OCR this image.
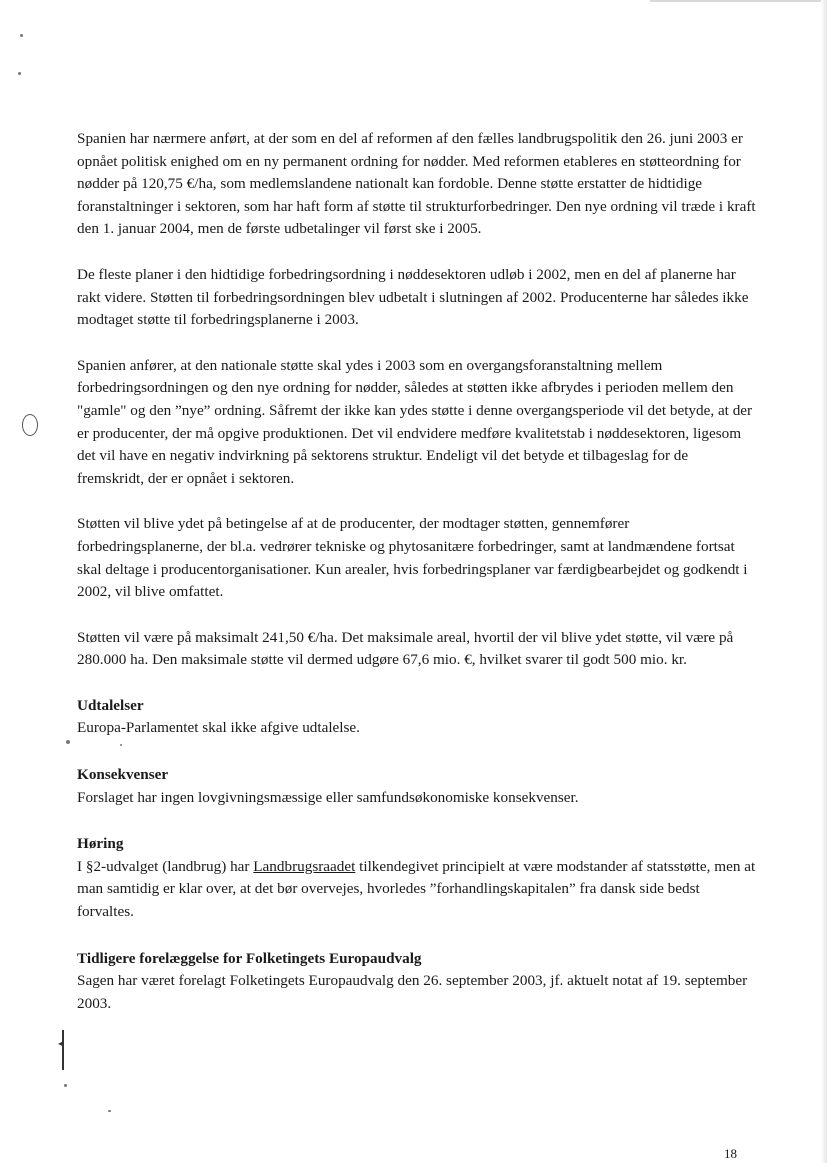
◂

Spanien har nærmere anført, at der som en del af reformen af den fælles landbrugspolitik den 26. juni 2003 er opnået politisk enighed om en ny permanent ordning for nødder. Med reformen etableres en støtteordning for nødder på 120,75 €/ha, som medlemslandene nationalt kan fordoble. Denne støtte erstatter de hidtidige foranstaltninger i sektoren, som har haft form af støtte til strukturforbedringer. Den nye ordning vil træde i kraft den 1. januar 2004, men de første udbetalinger vil først ske i 2005.

De fleste planer i den hidtidige forbedringsordning i nøddesektoren udløb i 2002, men en del af planerne har rakt videre. Støtten til forbedringsordningen blev udbetalt i slutningen af 2002. Producenterne har således ikke modtaget støtte til forbedringsplanerne i 2003.

Spanien anfører, at den nationale støtte skal ydes i 2003 som en overgangsforanstaltning mellem forbedringsordningen og den nye ordning for nødder, således at støtten ikke afbrydes i perioden mellem den "gamle" og den ”nye” ordning. Såfremt der ikke kan ydes støtte i denne overgangsperiode vil det betyde, at der er producenter, der må opgive produktionen. Det vil endvidere medføre kvalitetstab i nøddesektoren, ligesom det vil have en negativ indvirkning på sektorens struktur. Endeligt vil det betyde et tilbageslag for de fremskridt, der er opnået i sektoren.

Støtten vil blive ydet på betingelse af at de producenter, der modtager støtten, gennemfører forbedringsplanerne, der bl.a. vedrører tekniske og phytosanitære forbedringer, samt at landmændene fortsat skal deltage i producentorganisationer. Kun arealer, hvis forbedringsplaner var færdigbearbejdet og godkendt i 2002, vil blive omfattet.

Støtten vil være på maksimalt 241,50 €/ha. Det maksimale areal, hvortil der vil blive ydet støtte, vil være på 280.000 ha. Den maksimale støtte vil dermed udgøre 67,6 mio. €, hvilket svarer til godt 500 mio. kr.

Udtalelser

Europa-Parlamentet skal ikke afgive udtalelse.

Konsekvenser

Forslaget har ingen lovgivningsmæssige eller samfundsøkonomiske konsekvenser.

Høring

I §2-udvalget (landbrug) har Landbrugsraadet tilkendegivet principielt at være modstander af statsstøtte, men at man samtidig er klar over, at det bør overvejes, hvorledes ”forhandlingskapitalen” fra dansk side bedst forvaltes.

Tidligere forelæggelse for Folketingets Europaudvalg

Sagen har været forelagt Folketingets Europaudvalg den 26. september 2003, jf. aktuelt notat af 19. september 2003.

18
